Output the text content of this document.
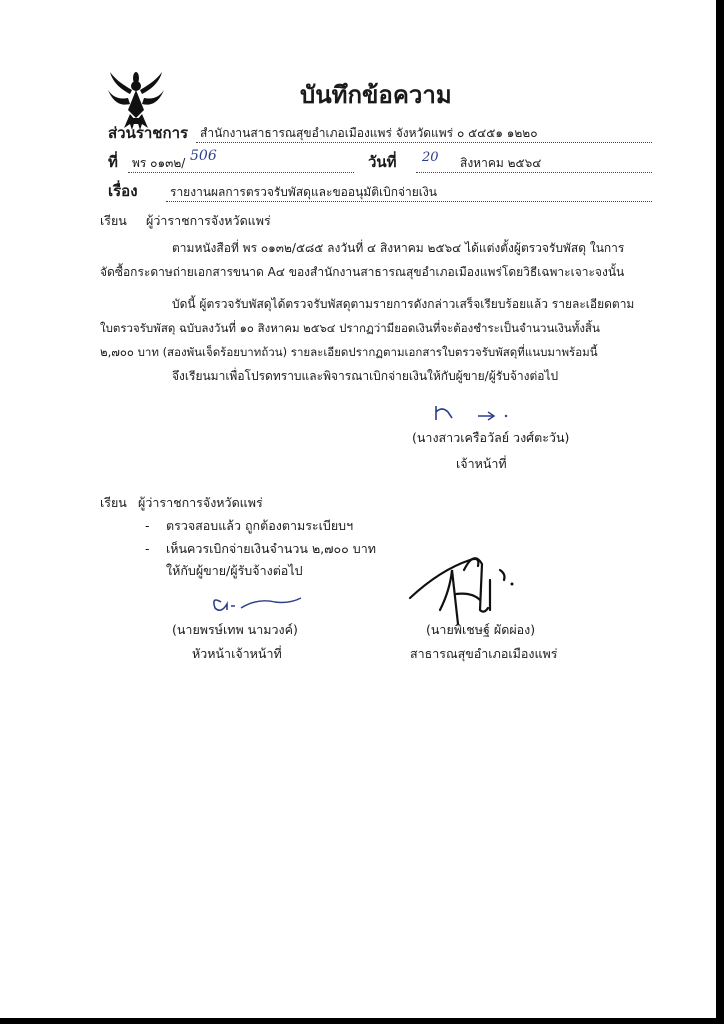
บันทึกข้อความ
ส่วนราชการ สำนักงานสาธารณสุขอำเภอเมืองแพร่ จังหวัดแพร่ ๐ ๕๔๕๑ ๑๒๒๐
ที่ พร ๐๑๓๒/ 506	วันที่ 20 สิงหาคม ๒๕๖๔
เรื่อง	รายงานผลการตรวจรับพัสดุและขออนุมัติเบิกจ่ายเงิน
เรียน ผู้ว่าราชการจังหวัดแพร่
ตามหนังสือที่ พร ๐๑๓๒/๕๘๕ ลงวันที่ ๔ สิงหาคม ๒๕๖๔ ได้แต่งตั้งผู้ตรวจรับพัสดุ ในการ
จัดซื้อกระดาษถ่ายเอกสารขนาด A๔ ของสำนักงานสาธารณสุขอำเภอเมืองแพร่โดยวิธีเฉพาะเจาะจงนั้น
บัดนี้ ผู้ตรวจรับพัสดุได้ตรวจรับพัสดุตามรายการดังกล่าวเสร็จเรียบร้อยแล้ว รายละเอียดตาม
ใบตรวจรับพัสดุ ฉบับลงวันที่ ๑๐ สิงหาคม ๒๕๖๔ ปรากฏว่ามียอดเงินที่จะต้องชำระเป็นจำนวนเงินทั้งสิ้น
๒,๗๐๐ บาท (สองพันเจ็ดร้อยบาทถ้วน) รายละเอียดปรากฏตามเอกสารใบตรวจรับพัสดุที่แนบมาพร้อมนี้
จึงเรียนมาเพื่อโปรดทราบและพิจารณาเบิกจ่ายเงินให้กับผู้ขาย/ผู้รับจ้างต่อไป
(นางสาวเครือวัลย์ วงศ์ตะวัน)
เจ้าหน้าที่
เรียน ผู้ว่าราชการจังหวัดแพร่
- ตรวจสอบแล้ว ถูกต้องตามระเบียบฯ
- เห็นควรเบิกจ่ายเงินจำนวน ๒,๗๐๐ บาท
ให้กับผู้ขาย/ผู้รับจ้างต่อไป
(นายพรษ์เทพ นามวงค์)
หัวหน้าเจ้าหน้าที่
(นายพิเชษฐ์ ผัดผ่อง)
สาธารณสุขอำเภอเมืองแพร่
